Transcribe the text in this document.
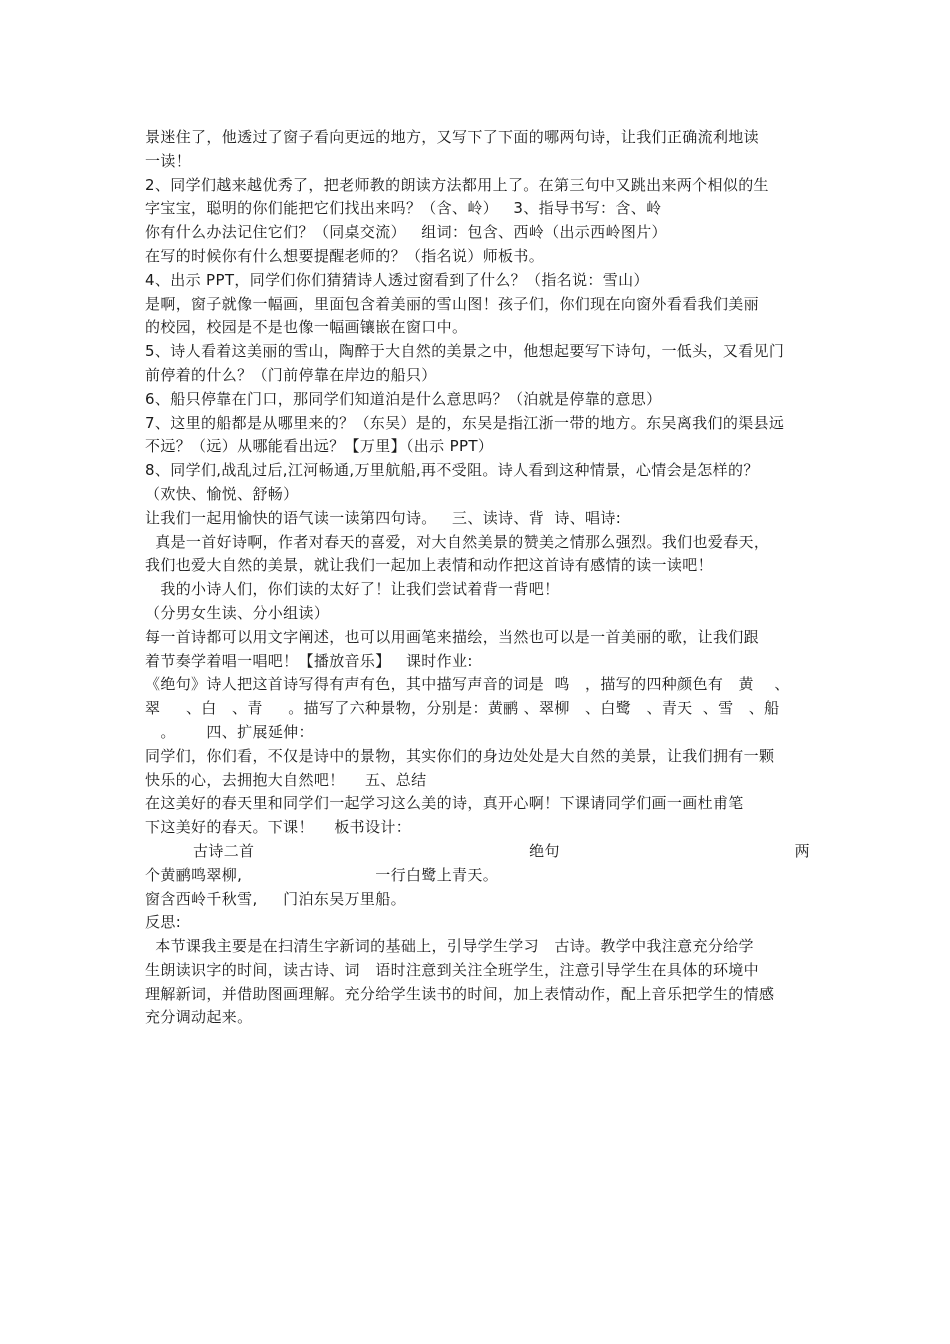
景迷住了，他透过了窗子看向更远的地方，又写下了下面的哪两句诗，让我们正确流利地读
一读！
2、同学们越来越优秀了，把老师教的朗读方法都用上了。在第三句中又跳出来两个相似的生
字宝宝，聪明的你们能把它们找出来吗？（含、岭）   3、指导书写：含、岭
你有什么办法记住它们？（同桌交流）   组词：包含、西岭（出示西岭图片）
在写的时候你有什么想要提醒老师的？（指名说）师板书。
4、出示 PPT，同学们你们猜猜诗人透过窗看到了什么？（指名说：雪山）
是啊，窗子就像一幅画，里面包含着美丽的雪山图！孩子们，你们现在向窗外看看我们美丽
的校园，校园是不是也像一幅画镶嵌在窗口中。
5、诗人看着这美丽的雪山，陶醉于大自然的美景之中，他想起要写下诗句，一低头，又看见门
前停着的什么？（门前停靠在岸边的船只）
6、船只停靠在门口，那同学们知道泊是什么意思吗？（泊就是停靠的意思）
7、这里的船都是从哪里来的？（东吴）是的，东吴是指江浙一带的地方。东吴离我们的渠县远
不远？（远）从哪能看出远？【万里】（出示 PPT）
8、同学们,战乱过后,江河畅通,万里航船,再不受阻。诗人看到这种情景，心情会是怎样的？
（欢快、愉悦、舒畅）
让我们一起用愉快的语气读一读第四句诗。   三、读诗、背  诗、唱诗:
真是一首好诗啊，作者对春天的喜爱，对大自然美景的赞美之情那么强烈。我们也爱春天，
我们也爱大自然的美景，就让我们一起加上表情和动作把这首诗有感情的读一读吧！
我的小诗人们，你们读的太好了！让我们尝试着背一背吧！
（分男女生读、分小组读）
每一首诗都可以用文字阐述，也可以用画笔来描绘，当然也可以是一首美丽的歌，让我们跟
着节奏学着唱一唱吧！【播放音乐】   课时作业:
《绝句》诗人把这首诗写得有声有色，其中描写声音的词是  鸣   ，描写的四种颜色有   黄    、
翠     、白   、青     。描写了六种景物，分别是：黄鹂 、翠柳   、白鹭   、青天  、雪   、船
。      四、扩展延伸：
同学们，你们看，不仅是诗中的景物，其实你们的身边处处是大自然的美景，让我们拥有一颗
快乐的心，去拥抱大自然吧！    五、总结
在这美好的春天里和同学们一起学习这么美的诗，真开心啊！下课请同学们画一画杜甫笔
下这美好的春天。下课！    板书设计：
古诗二首	绝句	两
个黄鹂鸣翠柳,                          一行白鹭上青天。
窗含西岭千秋雪,     门泊东吴万里船。
反思:
本节课我主要是在扫清生字新词的基础上，引导学生学习   古诗。教学中我注意充分给学
生朗读识字的时间，读古诗、词   语时注意到关注全班学生，注意引导学生在具体的环境中
理解新词，并借助图画理解。充分给学生读书的时间，加上表情动作，配上音乐把学生的情感
充分调动起来。
